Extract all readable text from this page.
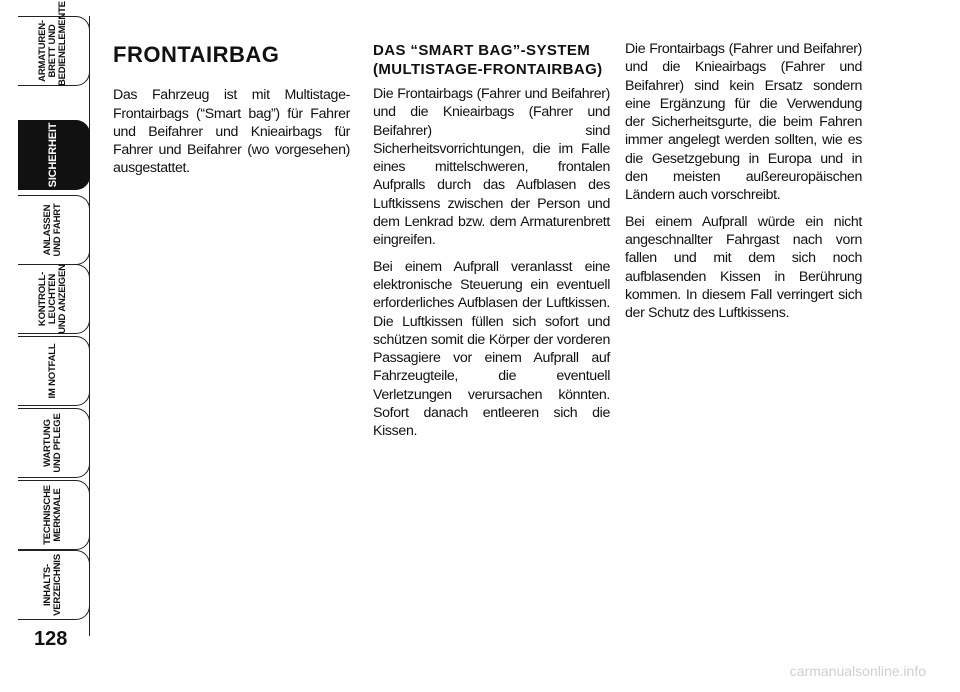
ARMATUREN-
BRETT UND
BEDIENELEMENTE
SICHERHEIT
ANLASSEN
UND FAHRT
KONTROLL-
LEUCHTEN
UND ANZEIGEN
IM NOTFALL
WARTUNG
UND PFLEGE
TECHNISCHE
MERKMALE
INHALTS-
VERZEICHNIS
128
FRONTAIRBAG

Das Fahrzeug ist mit Multistage-Frontairbags (“Smart bag”) für Fahrer und Beifahrer und Knieairbags für Fahrer und Beifahrer (wo vorgesehen) ausgestattet.

DAS “SMART BAG”-SYSTEM (MULTISTAGE-FRONTAIRBAG)

Die Frontairbags (Fahrer und Beifahrer) und die Knieairbags (Fahrer und Beifahrer) sind Sicherheitsvorrichtungen, die im Falle eines mittelschweren, frontalen Aufpralls durch das Aufblasen des Luftkissens zwischen der Person und dem Lenkrad bzw. dem Armaturenbrett eingreifen.

Bei einem Aufprall veranlasst eine elektronische Steuerung ein eventuell erforderliches Aufblasen der Luftkissen. Die Luftkissen füllen sich sofort und schützen somit die Körper der vorderen Passagiere vor einem Aufprall auf Fahrzeugteile, die eventuell Verletzungen verursachen könnten. Sofort danach entleeren sich die Kissen.

Die Frontairbags (Fahrer und Beifahrer) und die Knieairbags (Fahrer und Beifahrer) sind kein Ersatz sondern eine Ergänzung für die Verwendung der Sicherheitsgurte, die beim Fahren immer angelegt werden sollten, wie es die Gesetzgebung in Europa und in den meisten außereuropäischen Ländern auch vorschreibt.

Bei einem Aufprall würde ein nicht angeschnallter Fahrgast nach vorn fallen und mit dem sich noch aufblasenden Kissen in Berührung kommen. In diesem Fall verringert sich der Schutz des Luftkissens.

carmanualsonline.info
